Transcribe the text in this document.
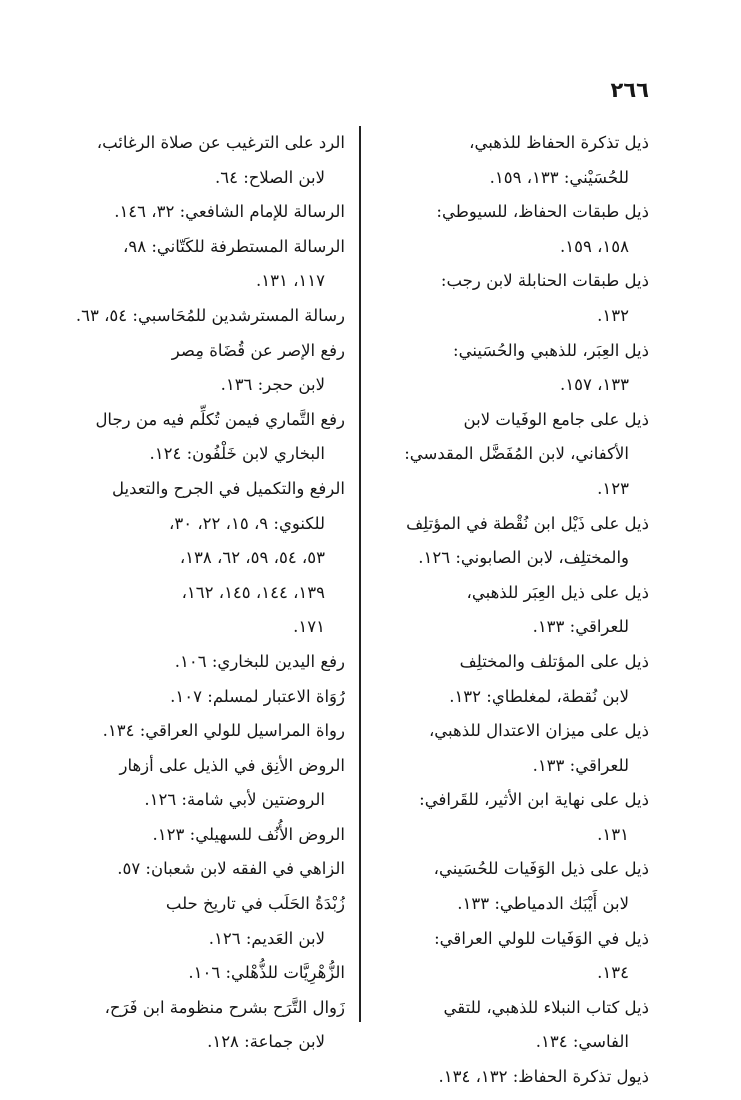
٢٦٦
ذيل تذكرة الحفاظ للذهبي،
للحُسَيْني: ١٣٣، ١٥٩.
ذيل طبقات الحفاظ، للسيوطي:
١٥٨، ١٥٩.
ذيل طبقات الحنابلة لابن رجب:
١٣٢.
ذيل العِبَر، للذهبي والحُسَيني:
١٣٣، ١٥٧.
ذيل على جامع الوفَيات لابن
الأكفاني، لابن المُفَضَّل المقدسي:
١٢٣.
ذيل على ذَيْل ابن نُقْطة في المؤتلِف
والمختلِف، لابن الصابوني: ١٢٦.
ذيل على ذيل العِبَر للذهبي،
للعراقي: ١٣٣.
ذيل على المؤتلف والمختلِف
لابن نُقطة، لمغلطاي: ١٣٢.
ذيل على ميزان الاعتدال للذهبي،
للعراقي: ١٣٣.
ذيل على نهاية ابن الأثير، للقَرافي:
١٣١.
ذيل على ذيل الوَفَيات للحُسَيني،
لابن أَيْبَك الدمياطي: ١٣٣.
ذيل في الوَفَيات للولي العراقي:
١٣٤.
ذيل كتاب النبلاء للذهبي، للتقي
الفاسي: ١٣٤.
ذيول تذكرة الحفاظ: ١٣٢، ١٣٤.
الرد على الترغيب عن صلاة الرغائب،
لابن الصلاح: ٦٤.
الرسالة للإمام الشافعي: ٣٢، ١٤٦.
الرسالة المستطرفة للكَتّاني: ٩٨،
١١٧، ١٣١.
رسالة المسترشدين للمُحَاسبي: ٥٤، ٦٣.
رفع الإصر عن قُضَاة مِصر
لابن حجر: ١٣٦.
رفع التَّماري فيمن تُكلِّم فيه من رجال
البخاري لابن خَلْفُون: ١٢٤.
الرفع والتكميل في الجرح والتعديل
للكنوي: ٩، ١٥، ٢٢، ٣٠،
٥٣، ٥٤، ٥٩، ٦٢، ١٣٨،
١٣٩، ١٤٤، ١٤٥، ١٦٢،
١٧١.
رفع اليدين للبخاري: ١٠٦.
رُوَاة الاعتبار لمسلم: ١٠٧.
رواة المراسيل للولي العراقي: ١٣٤.
الروض الأنِق في الذيل على أزهار
الروضتين لأبي شامة: ١٢٦.
الروض الأُنُف للسهيلي: ١٢٣.
الزاهي في الفقه لابن شعبان: ٥٧.
زُبْدَةُ الحَلَب في تاريخ حلب
لابن العَديم: ١٢٦.
الزُّهْرِيَّات للذُّهْلي: ١٠٦.
زَوال التَّرَح بشرح منظومة ابن فَرَح،
لابن جماعة: ١٢٨.
